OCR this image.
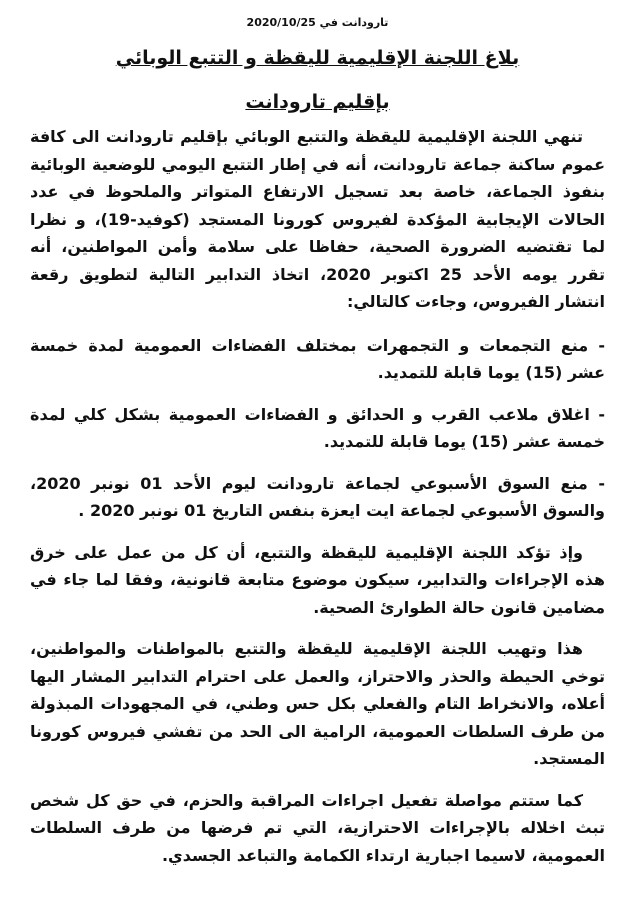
تارودانت في 2020/10/25
بلاغ اللجنة الإقليمية لليقظة و التتبع الوبائي
بإقليم تارودانت

تنهي اللجنة الإقليمية لليقظة والتتبع الوبائي بإقليم تارودانت الى كافة عموم ساكنة جماعة تارودانت، أنه في إطار التتبع اليومي للوضعية الوبائية بنفوذ الجماعة، خاصة بعد تسجيل الارتفاع المتواتر والملحوظ في عدد الحالات الإيجابية المؤكدة لفيروس كورونا المستجد (كوفيد-19)، و نظرا لما تقتضيه الضرورة الصحية، حفاظا على سلامة وأمن المواطنين، أنه تقرر يومه الأحد 25 اكتوبر 2020، اتخاذ التدابير التالية لتطويق رقعة انتشار الفيروس، وجاءت كالتالي:

- منع التجمعات و التجمهرات بمختلف الفضاءات العمومية لمدة خمسة عشر (15) يوما قابلة للتمديد.

- اغلاق ملاعب القرب و الحدائق و الفضاءات العمومية بشكل كلي لمدة خمسة عشر (15) يوما قابلة للتمديد.

- منع السوق الأسبوعي لجماعة تارودانت ليوم الأحد 01 نونبر 2020، والسوق الأسبوعي لجماعة ايت ايعزة بنفس التاريخ 01 نونبر 2020 .

وإذ تؤكد اللجنة الإقليمية لليقظة والتتبع، أن كل من عمل على خرق هذه الإجراءات والتدابير، سيكون موضوع متابعة قانونية، وفقا لما جاء في مضامين قانون حالة الطوارئ الصحية.

هذا وتهيب اللجنة الإقليمية لليقظة والتتبع بالمواطنات والمواطنين، توخي الحيطة والحذر والاحتراز، والعمل على احترام التدابير المشار اليها أعلاه، والانخراط التام والفعلي بكل حس وطني، في المجهودات المبذولة من طرف السلطات العمومية، الرامية الى الحد من تفشي فيروس كورونا المستجد.

كما ستتم مواصلة تفعيل اجراءات المراقبة والحزم، في حق كل شخص تبث اخلاله بالإجراءات الاحترازية، التي تم فرضها من طرف السلطات العمومية، لاسيما اجبارية ارتداء الكمامة والتباعد الجسدي.
